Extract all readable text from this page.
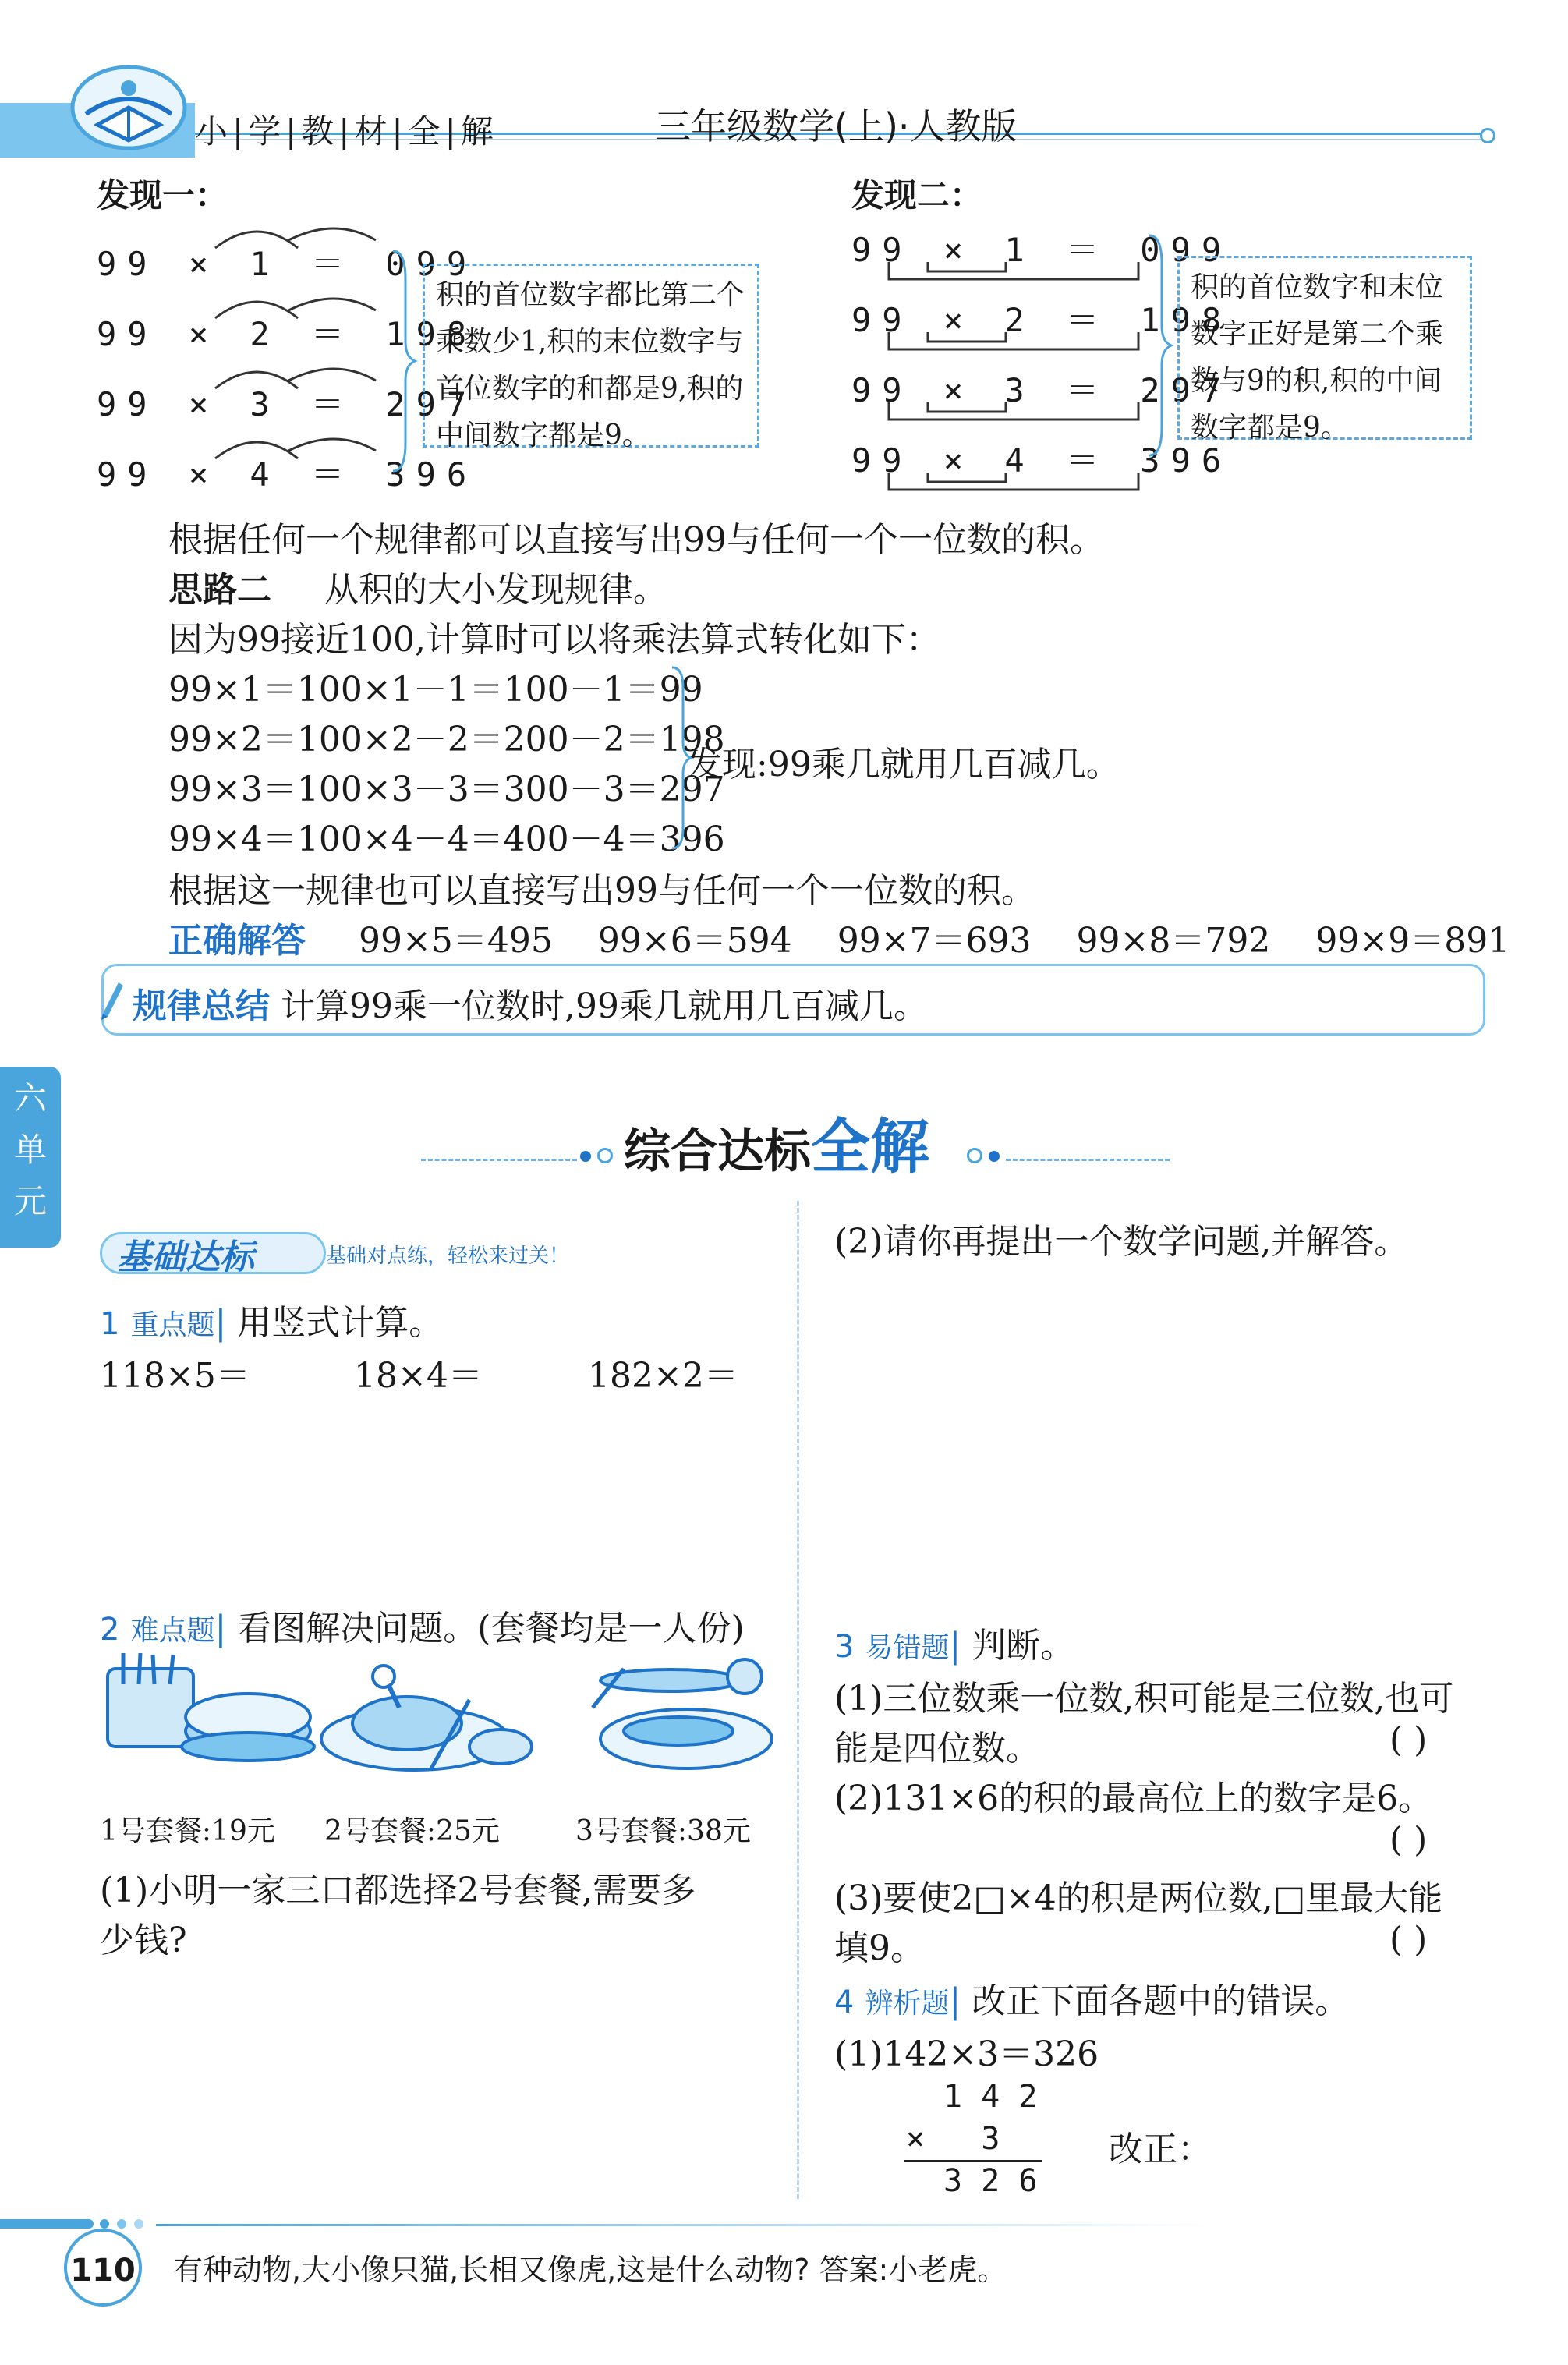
小|学|教|材|全|解	三年级数学(上)·人教版
发现一：
99 × 1 ＝ 099
99 × 2 ＝ 198
99 × 3 ＝ 297
99 × 4 ＝ 396
积的首位数字都比第二个乘数少1,积的末位数字与首位数字的和都是9,积的中间数字都是9。
发现二：
99 × 1 ＝ 099
99 × 2 ＝ 198
99 × 3 ＝ 297
99 × 4 ＝ 396
积的首位数字和末位数字正好是第二个乘数与9的积,积的中间数字都是9。
根据任何一个规律都可以直接写出99与任何一个一位数的积。
思路二 从积的大小发现规律。
因为99接近100,计算时可以将乘法算式转化如下：
99×1＝100×1－1＝100－1＝99
99×2＝100×2－2＝200－2＝198
99×3＝100×3－3＝300－3＝297
99×4＝100×4－4＝400－4＝396
发现:99乘几就用几百减几。
根据这一规律也可以直接写出99与任何一个一位数的积。
正确解答 99×5＝495 99×6＝594 99×7＝693 99×8＝792 99×9＝891
规律总结 计算99乘一位数时,99乘几就用几百减几。
六
单
元
综合达标全解
基础达标	基础对点练，轻松来过关！
1 重点题| 用竖式计算。
118×5＝	18×4＝	182×2＝
2 难点题| 看图解决问题。(套餐均是一人份)
1号套餐:19元 2号套餐:25元	3号套餐:38元
(1)小明一家三口都选择2号套餐,需要多
少钱?
(2)请你再提出一个数学问题,并解答。
3 易错题| 判断。
(1)三位数乘一位数,积可能是三位数,也可
能是四位数。	( )
(2)131×6的积的最高位上的数字是6。
( )
(3)要使2□×4的积是两位数,□里最大能
填9。	( )
4 辨析题| 改正下面各题中的错误。
(1)142×3＝326
1 4 2
×   3
3 2 6
改正：
110 有种动物,大小像只猫,长相又像虎,这是什么动物? 答案:小老虎。
